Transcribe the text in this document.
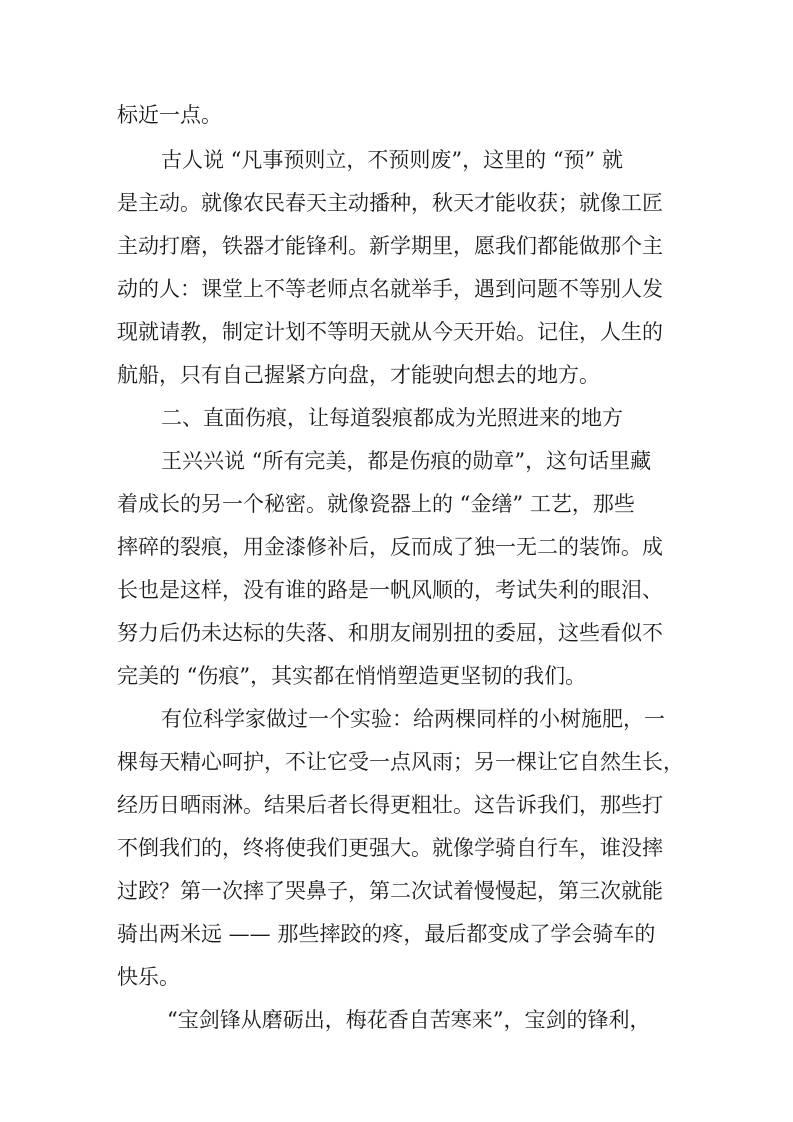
标近一点。
古人说 “凡事预则立，不预则废”，这里的 “预” 就
是主动。就像农民春天主动播种，秋天才能收获；就像工匠
主动打磨，铁器才能锋利。新学期里，愿我们都能做那个主
动的人：课堂上不等老师点名就举手，遇到问题不等别人发
现就请教，制定计划不等明天就从今天开始。记住，人生的
航船，只有自己握紧方向盘，才能驶向想去的地方。
二、直面伤痕，让每道裂痕都成为光照进来的地方
王兴兴说 “所有完美，都是伤痕的勋章”，这句话里藏
着成长的另一个秘密。就像瓷器上的 “金缮” 工艺，那些
摔碎的裂痕，用金漆修补后，反而成了独一无二的装饰。成
长也是这样，没有谁的路是一帆风顺的，考试失利的眼泪、
努力后仍未达标的失落、和朋友闹别扭的委屈，这些看似不
完美的 “伤痕”，其实都在悄悄塑造更坚韧的我们。
有位科学家做过一个实验：给两棵同样的小树施肥，一
棵每天精心呵护，不让它受一点风雨；另一棵让它自然生长，
经历日晒雨淋。结果后者长得更粗壮。这告诉我们，那些打
不倒我们的，终将使我们更强大。就像学骑自行车，谁没摔
过跤？第一次摔了哭鼻子，第二次试着慢慢起，第三次就能
骑出两米远 —— 那些摔跤的疼，最后都变成了学会骑车的
快乐。
“宝剑锋从磨砺出，梅花香自苦寒来”，宝剑的锋利，
